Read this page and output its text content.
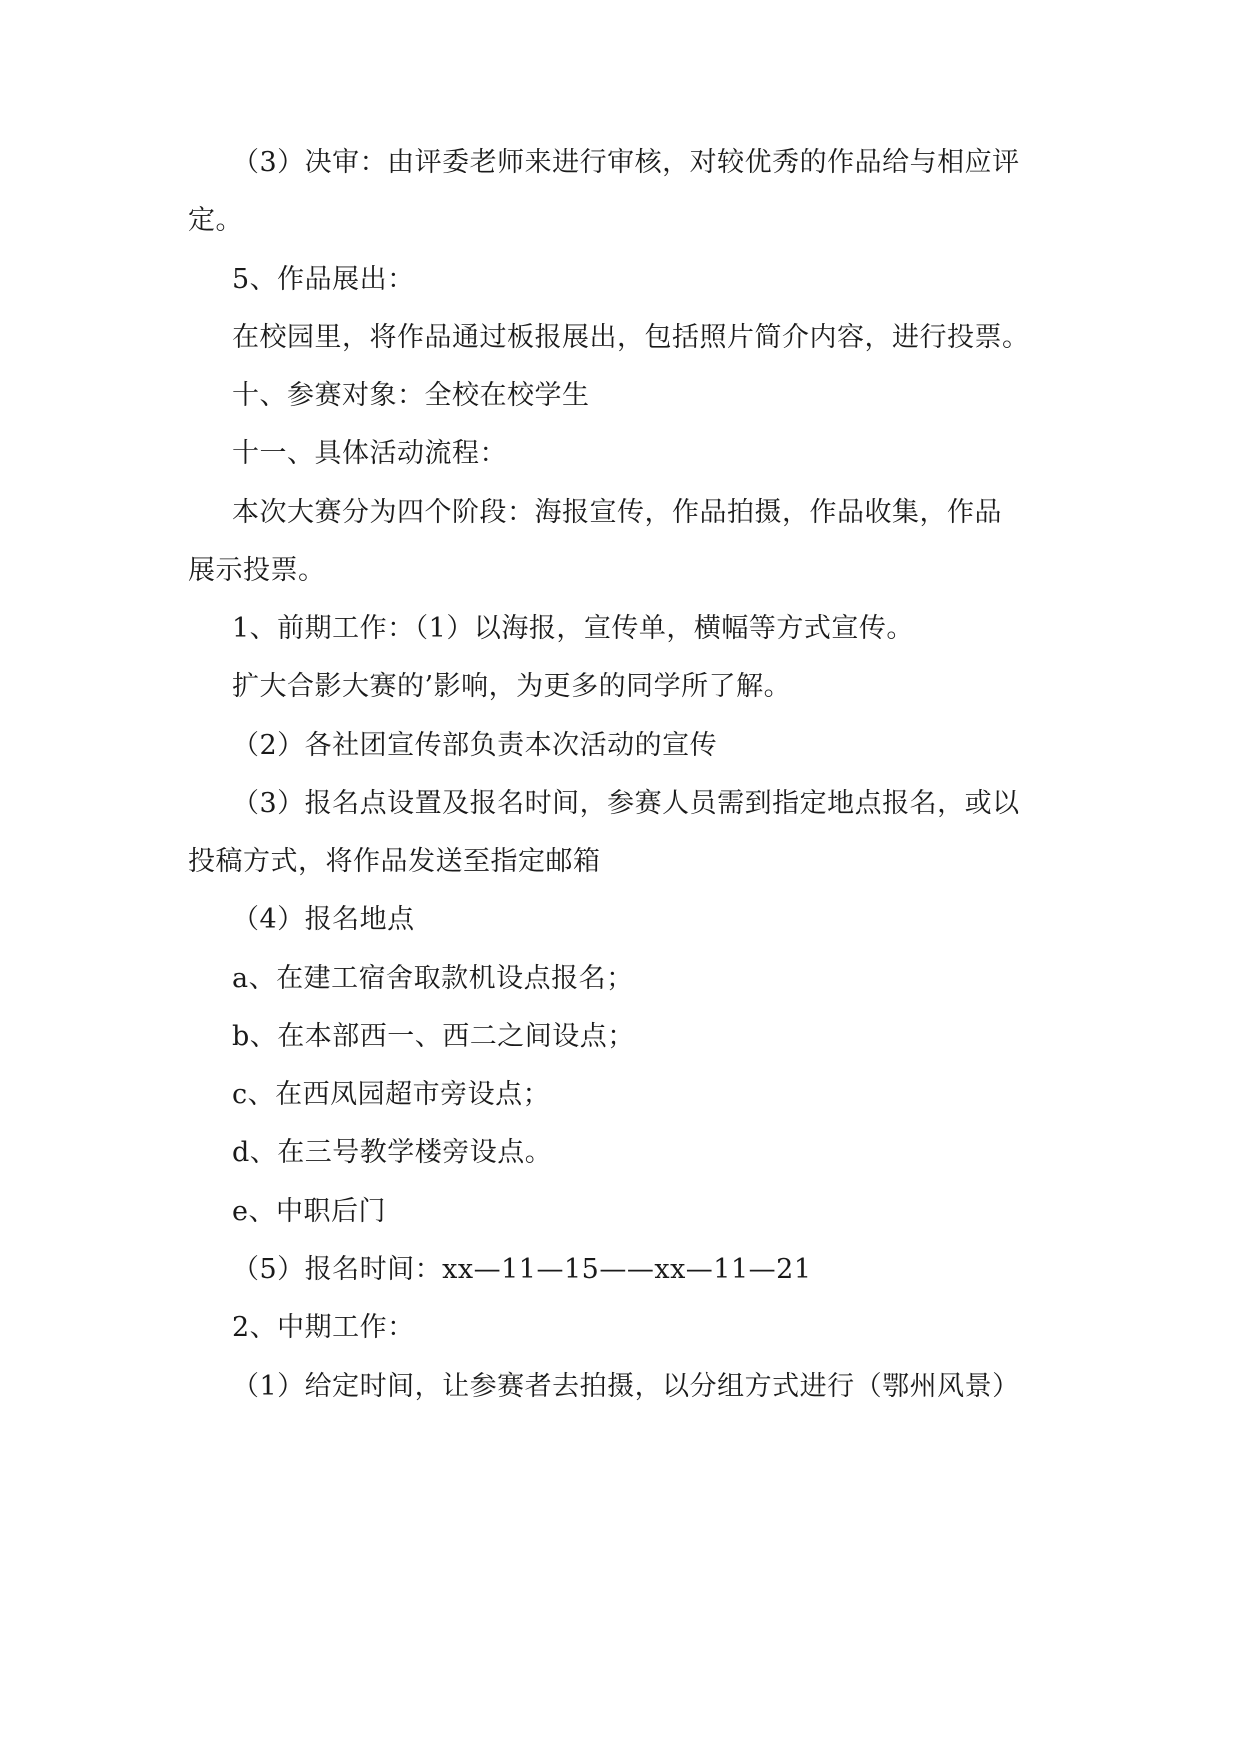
（3）决审：由评委老师来进行审核，对较优秀的作品给与相应评
定。
5、作品展出：
在校园里，将作品通过板报展出，包括照片简介内容，进行投票。
十、参赛对象：全校在校学生
十一、具体活动流程：
本次大赛分为四个阶段：海报宣传，作品拍摄，作品收集，作品
展示投票。
1、前期工作：（1）以海报，宣传单，横幅等方式宣传。
扩大合影大赛的’影响，为更多的同学所了解。
（2）各社团宣传部负责本次活动的宣传
（3）报名点设置及报名时间，参赛人员需到指定地点报名，或以
投稿方式，将作品发送至指定邮箱
（4）报名地点
a、在建工宿舍取款机设点报名；
b、在本部西一、西二之间设点；
c、在西凤园超市旁设点；
d、在三号教学楼旁设点。
e、中职后门
（5）报名时间：xx—11—15——xx—11—21
2、中期工作：
（1）给定时间，让参赛者去拍摄，以分组方式进行（鄂州风景）
